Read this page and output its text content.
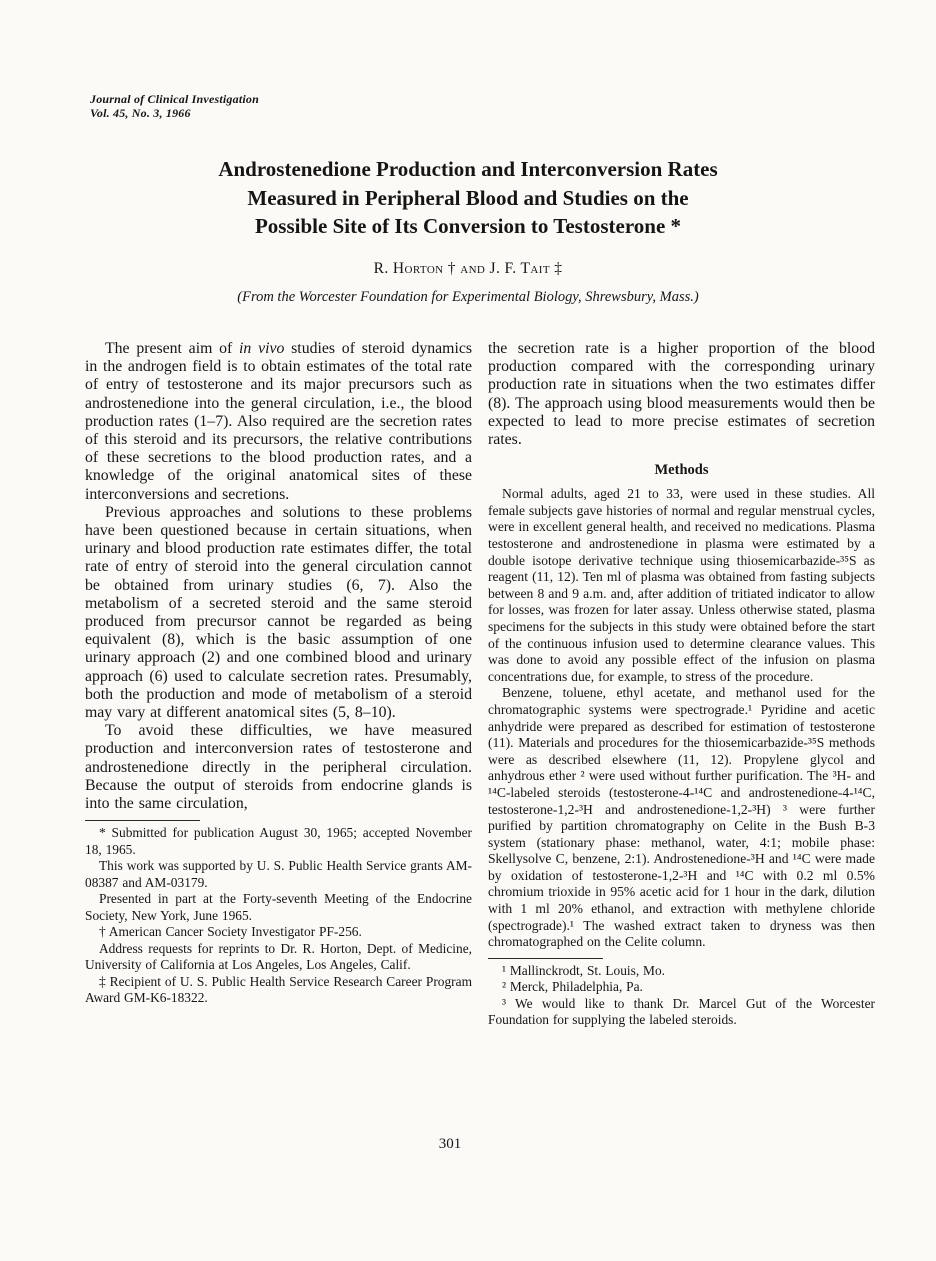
Journal of Clinical Investigation
Vol. 45, No. 3, 1966
Androstenedione Production and Interconversion Rates
Measured in Peripheral Blood and Studies on the
Possible Site of Its Conversion to Testosterone *
R. Horton † and J. F. Tait ‡
(From the Worcester Foundation for Experimental Biology, Shrewsbury, Mass.)

The present aim of in vivo studies of steroid dynamics in the androgen field is to obtain estimates of the total rate of entry of testosterone and its major precursors such as androstenedione into the general circulation, i.e., the blood production rates (1–7). Also required are the secretion rates of this steroid and its precursors, the relative contributions of these secretions to the blood production rates, and a knowledge of the original anatomical sites of these interconversions and secretions.

Previous approaches and solutions to these problems have been questioned because in certain situations, when urinary and blood production rate estimates differ, the total rate of entry of steroid into the general circulation cannot be obtained from urinary studies (6, 7). Also the metabolism of a secreted steroid and the same steroid produced from precursor cannot be regarded as being equivalent (8), which is the basic assumption of one urinary approach (2) and one combined blood and urinary approach (6) used to calculate secretion rates. Presumably, both the production and mode of metabolism of a steroid may vary at different anatomical sites (5, 8–10).

To avoid these difficulties, we have measured production and interconversion rates of testosterone and androstenedione directly in the peripheral circulation. Because the output of steroids from endocrine glands is into the same circulation,

* Submitted for publication August 30, 1965; accepted November 18, 1965.

This work was supported by U. S. Public Health Service grants AM-08387 and AM-03179.

Presented in part at the Forty-seventh Meeting of the Endocrine Society, New York, June 1965.

† American Cancer Society Investigator PF-256.

Address requests for reprints to Dr. R. Horton, Dept. of Medicine, University of California at Los Angeles, Los Angeles, Calif.

‡ Recipient of U. S. Public Health Service Research Career Program Award GM-K6-18322.

the secretion rate is a higher proportion of the blood production compared with the corresponding urinary production rate in situations when the two estimates differ (8). The approach using blood measurements would then be expected to lead to more precise estimates of secretion rates.

Methods

Normal adults, aged 21 to 33, were used in these studies. All female subjects gave histories of normal and regular menstrual cycles, were in excellent general health, and received no medications. Plasma testosterone and androstenedione in plasma were estimated by a double isotope derivative technique using thiosemicarbazide-³⁵S as reagent (11, 12). Ten ml of plasma was obtained from fasting subjects between 8 and 9 a.m. and, after addition of tritiated indicator to allow for losses, was frozen for later assay. Unless otherwise stated, plasma specimens for the subjects in this study were obtained before the start of the continuous infusion used to determine clearance values. This was done to avoid any possible effect of the infusion on plasma concentrations due, for example, to stress of the procedure.

Benzene, toluene, ethyl acetate, and methanol used for the chromatographic systems were spectrograde.¹ Pyridine and acetic anhydride were prepared as described for estimation of testosterone (11). Materials and procedures for the thiosemicarbazide-³⁵S methods were as described elsewhere (11, 12). Propylene glycol and anhydrous ether ² were used without further purification. The ³H- and ¹⁴C-labeled steroids (testosterone-4-¹⁴C and androstenedione-4-¹⁴C, testosterone-1,2-³H and androstenedione-1,2-³H) ³ were further purified by partition chromatography on Celite in the Bush B-3 system (stationary phase: methanol, water, 4:1; mobile phase: Skellysolve C, benzene, 2:1). Androstenedione-³H and ¹⁴C were made by oxidation of testosterone-1,2-³H and ¹⁴C with 0.2 ml 0.5% chromium trioxide in 95% acetic acid for 1 hour in the dark, dilution with 1 ml 20% ethanol, and extraction with methylene chloride (spectrograde).¹ The washed extract taken to dryness was then chromatographed on the Celite column.

¹ Mallinckrodt, St. Louis, Mo.

² Merck, Philadelphia, Pa.

³ We would like to thank Dr. Marcel Gut of the Worcester Foundation for supplying the labeled steroids.

301
